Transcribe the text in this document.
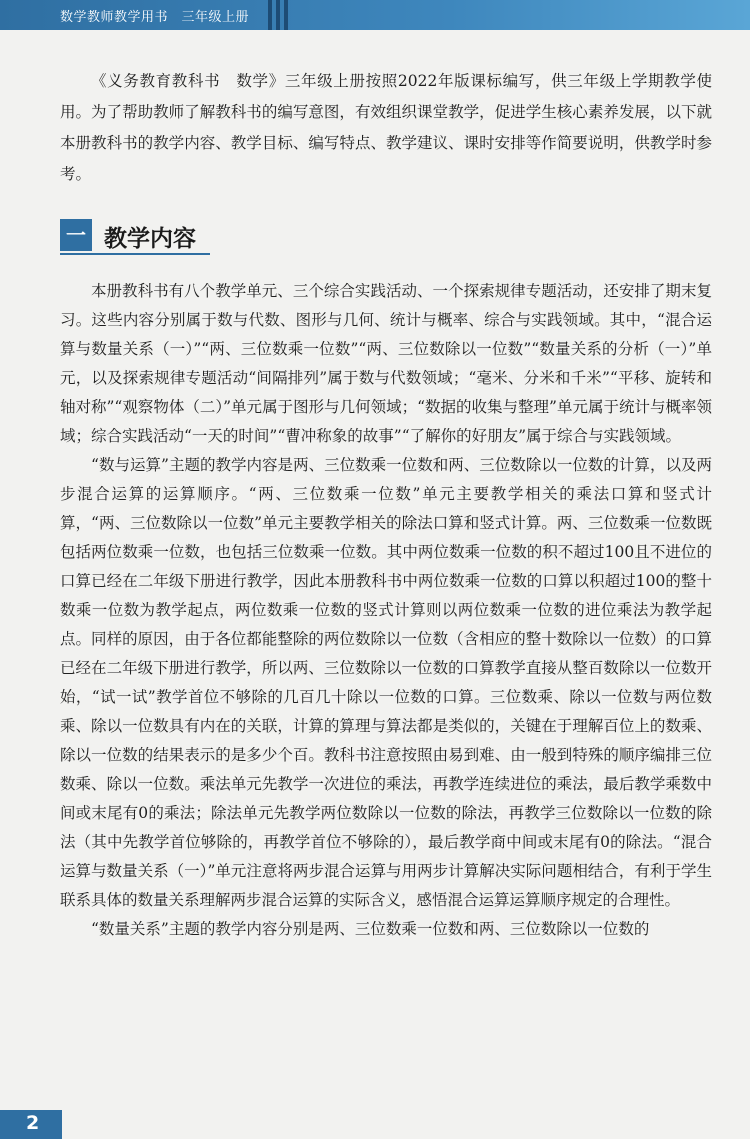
数学教师教学用书　三年级上册

《义务教育教科书　数学》三年级上册按照2022年版课标编写，供三年级上学期教学使用。为了帮助教师了解教科书的编写意图，有效组织课堂教学，促进学生核心素养发展，以下就本册教科书的教学内容、教学目标、编写特点、教学建议、课时安排等作简要说明，供教学时参考。

一 教学内容

本册教科书有八个教学单元、三个综合实践活动、一个探索规律专题活动，还安排了期末复习。这些内容分别属于数与代数、图形与几何、统计与概率、综合与实践领域。其中，“混合运算与数量关系（一）”“两、三位数乘一位数”“两、三位数除以一位数”“数量关系的分析（一）”单元，以及探索规律专题活动“间隔排列”属于数与代数领域；“毫米、分米和千米”“平移、旋转和轴对称”“观察物体（二）”单元属于图形与几何领域；“数据的收集与整理”单元属于统计与概率领域；综合实践活动“一天的时间”“曹冲称象的故事”“了解你的好朋友”属于综合与实践领域。

“数与运算”主题的教学内容是两、三位数乘一位数和两、三位数除以一位数的计算，以及两步混合运算的运算顺序。“两、三位数乘一位数”单元主要教学相关的乘法口算和竖式计算，“两、三位数除以一位数”单元主要教学相关的除法口算和竖式计算。两、三位数乘一位数既包括两位数乘一位数，也包括三位数乘一位数。其中两位数乘一位数的积不超过100且不进位的口算已经在二年级下册进行教学，因此本册教科书中两位数乘一位数的口算以积超过100的整十数乘一位数为教学起点，两位数乘一位数的竖式计算则以两位数乘一位数的进位乘法为教学起点。同样的原因，由于各位都能整除的两位数除以一位数（含相应的整十数除以一位数）的口算已经在二年级下册进行教学，所以两、三位数除以一位数的口算教学直接从整百数除以一位数开始，“试一试”教学首位不够除的几百几十除以一位数的口算。三位数乘、除以一位数与两位数乘、除以一位数具有内在的关联，计算的算理与算法都是类似的，关键在于理解百位上的数乘、除以一位数的结果表示的是多少个百。教科书注意按照由易到难、由一般到特殊的顺序编排三位数乘、除以一位数。乘法单元先教学一次进位的乘法，再教学连续进位的乘法，最后教学乘数中间或末尾有0的乘法；除法单元先教学两位数除以一位数的除法，再教学三位数除以一位数的除法（其中先教学首位够除的，再教学首位不够除的），最后教学商中间或末尾有0的除法。“混合运算与数量关系（一）”单元注意将两步混合运算与用两步计算解决实际问题相结合，有利于学生联系具体的数量关系理解两步混合运算的实际含义，感悟混合运算运算顺序规定的合理性。

“数量关系”主题的教学内容分别是两、三位数乘一位数和两、三位数除以一位数的

2
